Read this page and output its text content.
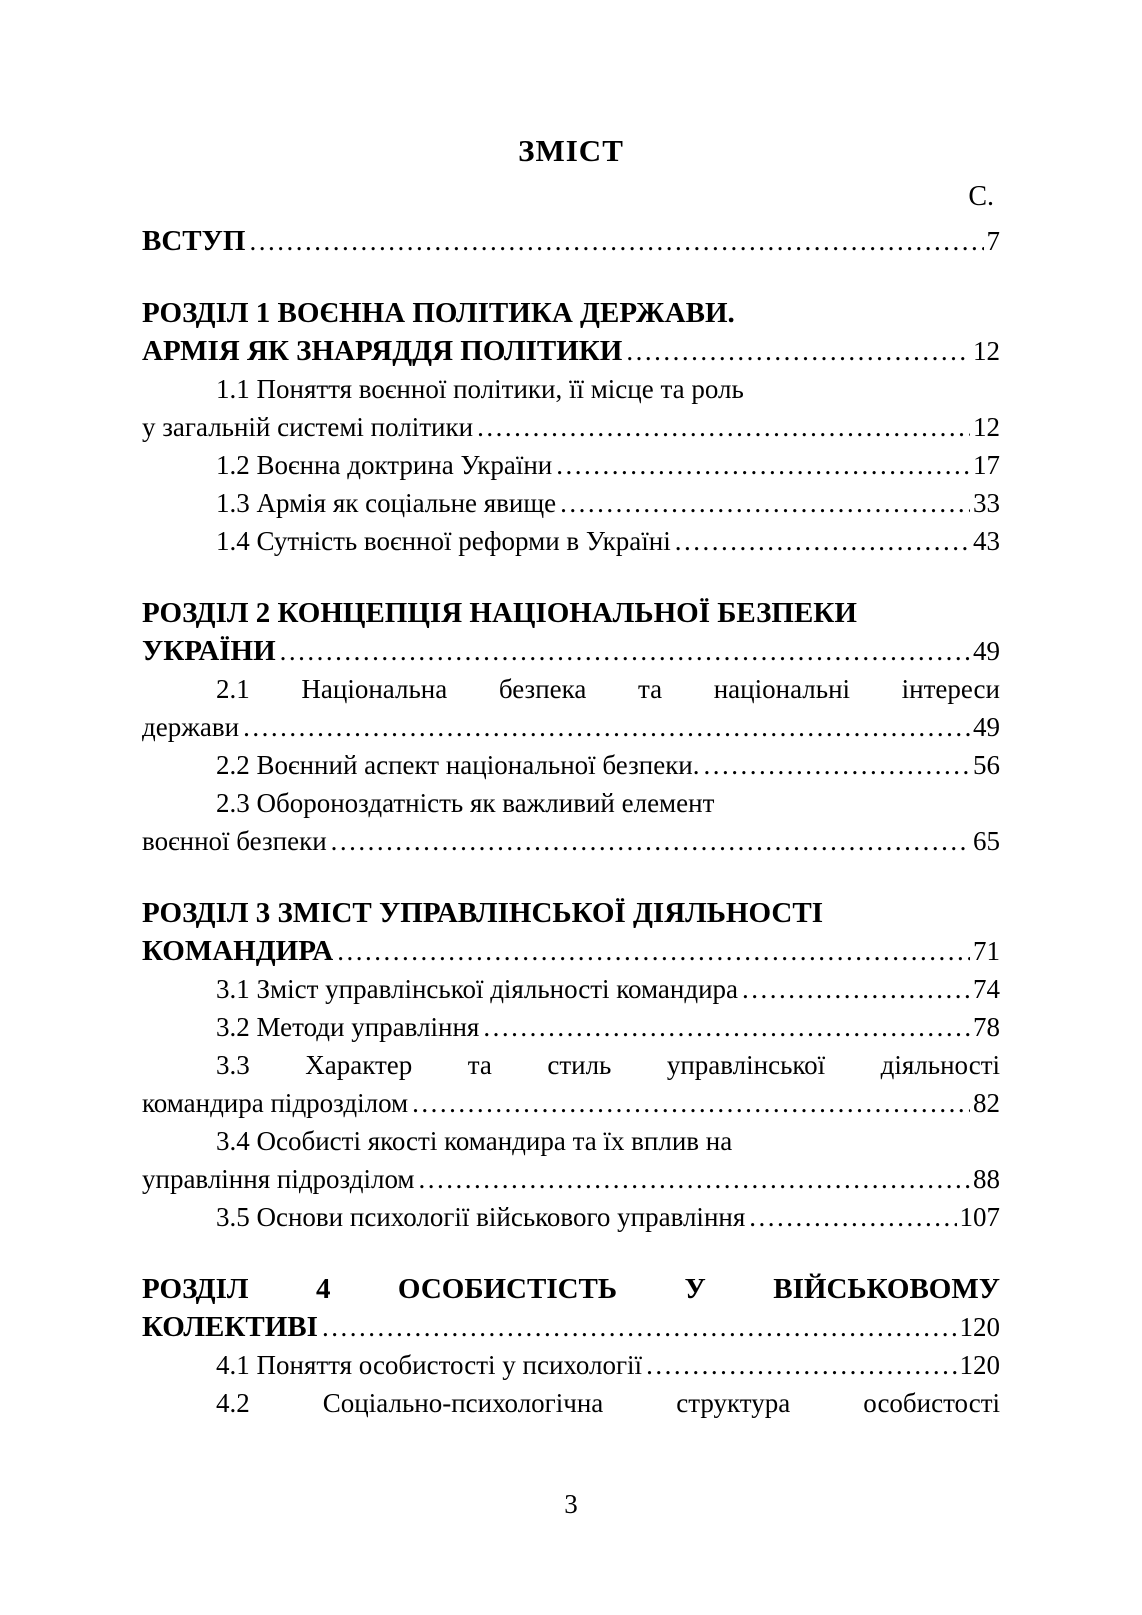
ЗМІСТ
С.
ВСТУП .....	7
РОЗДІЛ 1 ВОЄННА ПОЛІТИКА ДЕРЖАВИ.
АРМІЯ ЯК ЗНАРЯДДЯ ПОЛІТИКИ .....	12
1.1 Поняття воєнної політики, її місце та роль
у загальній системі політики .....	12
1.2 Воєнна доктрина України .....	17
1.3 Армія як соціальне явище .....	33
1.4 Сутність воєнної реформи в Україні .....	43
РОЗДІЛ 2 КОНЦЕПЦІЯ НАЦІОНАЛЬНОЇ БЕЗПЕКИ
УКРАЇНИ .....	49
2.1 Національна безпека та національні інтереси
держави .....	49
2.2 Воєнний аспект національної безпеки. .....	56
2.3 Обороноздатність як важливий елемент
воєнної безпеки .....	65
РОЗДІЛ 3 ЗМІСТ УПРАВЛІНСЬКОЇ ДІЯЛЬНОСТІ
КОМАНДИРА .....	71
3.1 Зміст управлінської діяльності командира .....	74
3.2 Методи управління .....	78
3.3 Характер та стиль управлінської діяльності
командира підрозділом .....	82
3.4 Особисті якості командира та їх вплив на
управління підрозділом .....	88
3.5 Основи психології військового управління .....	107
РОЗДІЛ 4 ОСОБИСТІСТЬ У ВІЙСЬКОВОМУ
КОЛЕКТИВІ .....	120
4.1 Поняття особистості у психології .....	120
4.2 Соціально-психологічна структура особистості
3
